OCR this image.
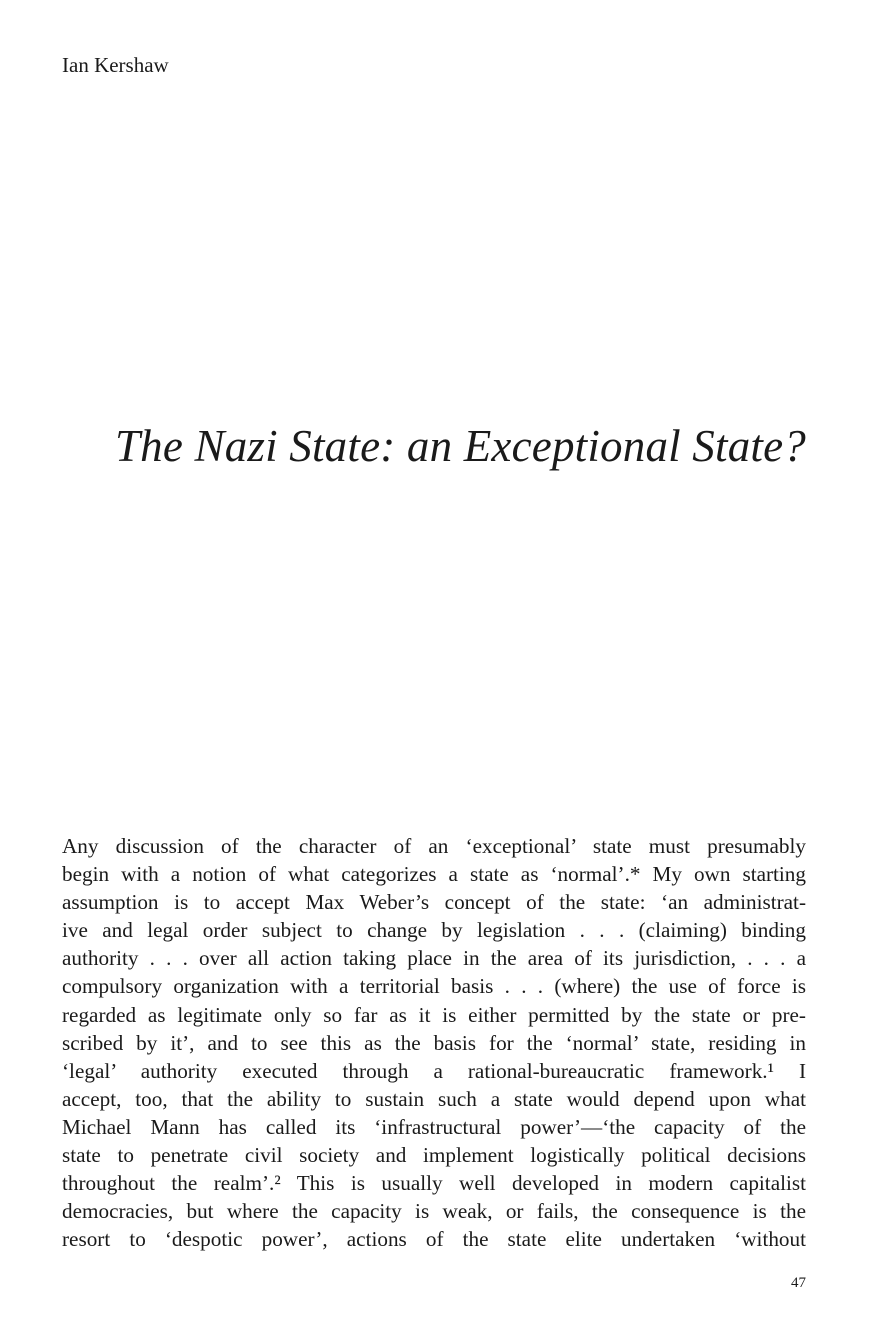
Ian Kershaw

The Nazi State: an Exceptional State?
Any discussion of the character of an ‘exceptional’ state must presumably
begin with a notion of what categorizes a state as ‘normal’.* My own starting
assumption is to accept Max Weber’s concept of the state: ‘an administrat-
ive and legal order subject to change by legislation . . . (claiming) binding
authority . . . over all action taking place in the area of its jurisdiction, . . . a
compulsory organization with a territorial basis . . . (where) the use of force is
regarded as legitimate only so far as it is either permitted by the state or pre-
scribed by it’, and to see this as the basis for the ‘normal’ state, residing in
‘legal’ authority executed through a rational-bureaucratic framework.¹ I
accept, too, that the ability to sustain such a state would depend upon what
Michael Mann has called its ‘infrastructural power’—‘the capacity of the
state to penetrate civil society and implement logistically political decisions
throughout the realm’.² This is usually well developed in modern capitalist
democracies, but where the capacity is weak, or fails, the consequence is the
resort to ‘despotic power’, actions of the state elite undertaken ‘without

47
